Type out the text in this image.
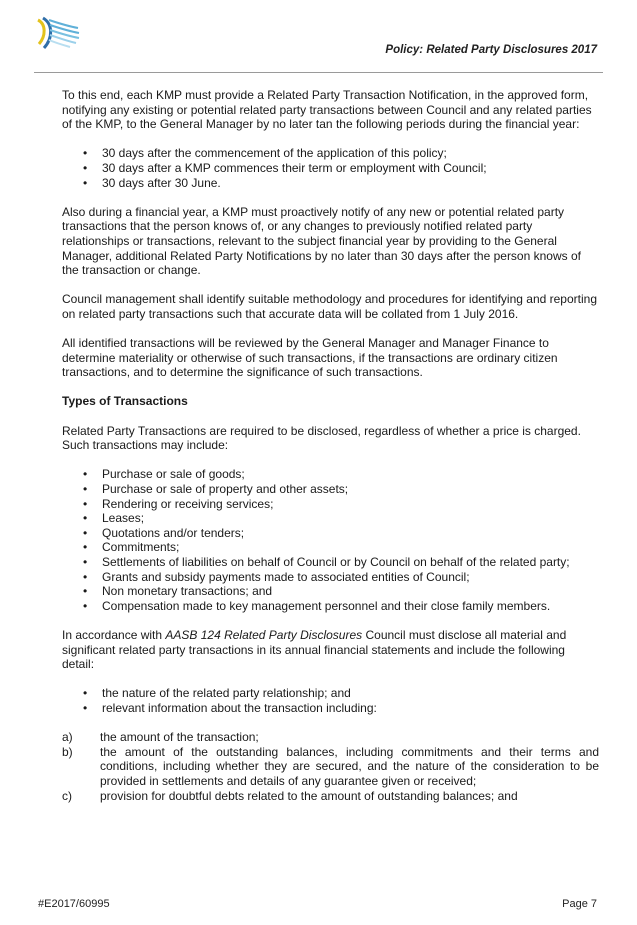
Policy: Related Party Disclosures 2017

To this end, each KMP must provide a Related Party Transaction Notification, in the approved form, notifying any existing or potential related party transactions between Council and any related parties of the KMP, to the General Manager by no later tan the following periods during the financial year:

• 30 days after the commencement of the application of this policy;
• 30 days after a KMP commences their term or employment with Council;
• 30 days after 30 June.

Also during a financial year, a KMP must proactively notify of any new or potential related party transactions that the person knows of, or any changes to previously notified related party relationships or transactions, relevant to the subject financial year by providing to the General Manager, additional Related Party Notifications by no later than 30 days after the person knows of the transaction or change.

Council management shall identify suitable methodology and procedures for identifying and reporting on related party transactions such that accurate data will be collated from 1 July 2016.

All identified transactions will be reviewed by the General Manager and Manager Finance to determine materiality or otherwise of such transactions, if the transactions are ordinary citizen transactions, and to determine the significance of such transactions.

Types of Transactions

Related Party Transactions are required to be disclosed, regardless of whether a price is charged. Such transactions may include:

• Purchase or sale of goods;
• Purchase or sale of property and other assets;
• Rendering or receiving services;
• Leases;
• Quotations and/or tenders;
• Commitments;
• Settlements of liabilities on behalf of Council or by Council on behalf of the related party;
• Grants and subsidy payments made to associated entities of Council;
• Non monetary transactions; and
• Compensation made to key management personnel and their close family members.

In accordance with AASB 124 Related Party Disclosures Council must disclose all material and significant related party transactions in its annual financial statements and include the following detail:

• the nature of the related party relationship; and
• relevant information about the transaction including:
a) the amount of the transaction;
b) the amount of the outstanding balances, including commitments and their terms and conditions, including whether they are secured, and the nature of the consideration to be provided in settlements and details of any guarantee given or received;
c) provision for doubtful debts related to the amount of outstanding balances; and
#E2017/60995	Page 7
